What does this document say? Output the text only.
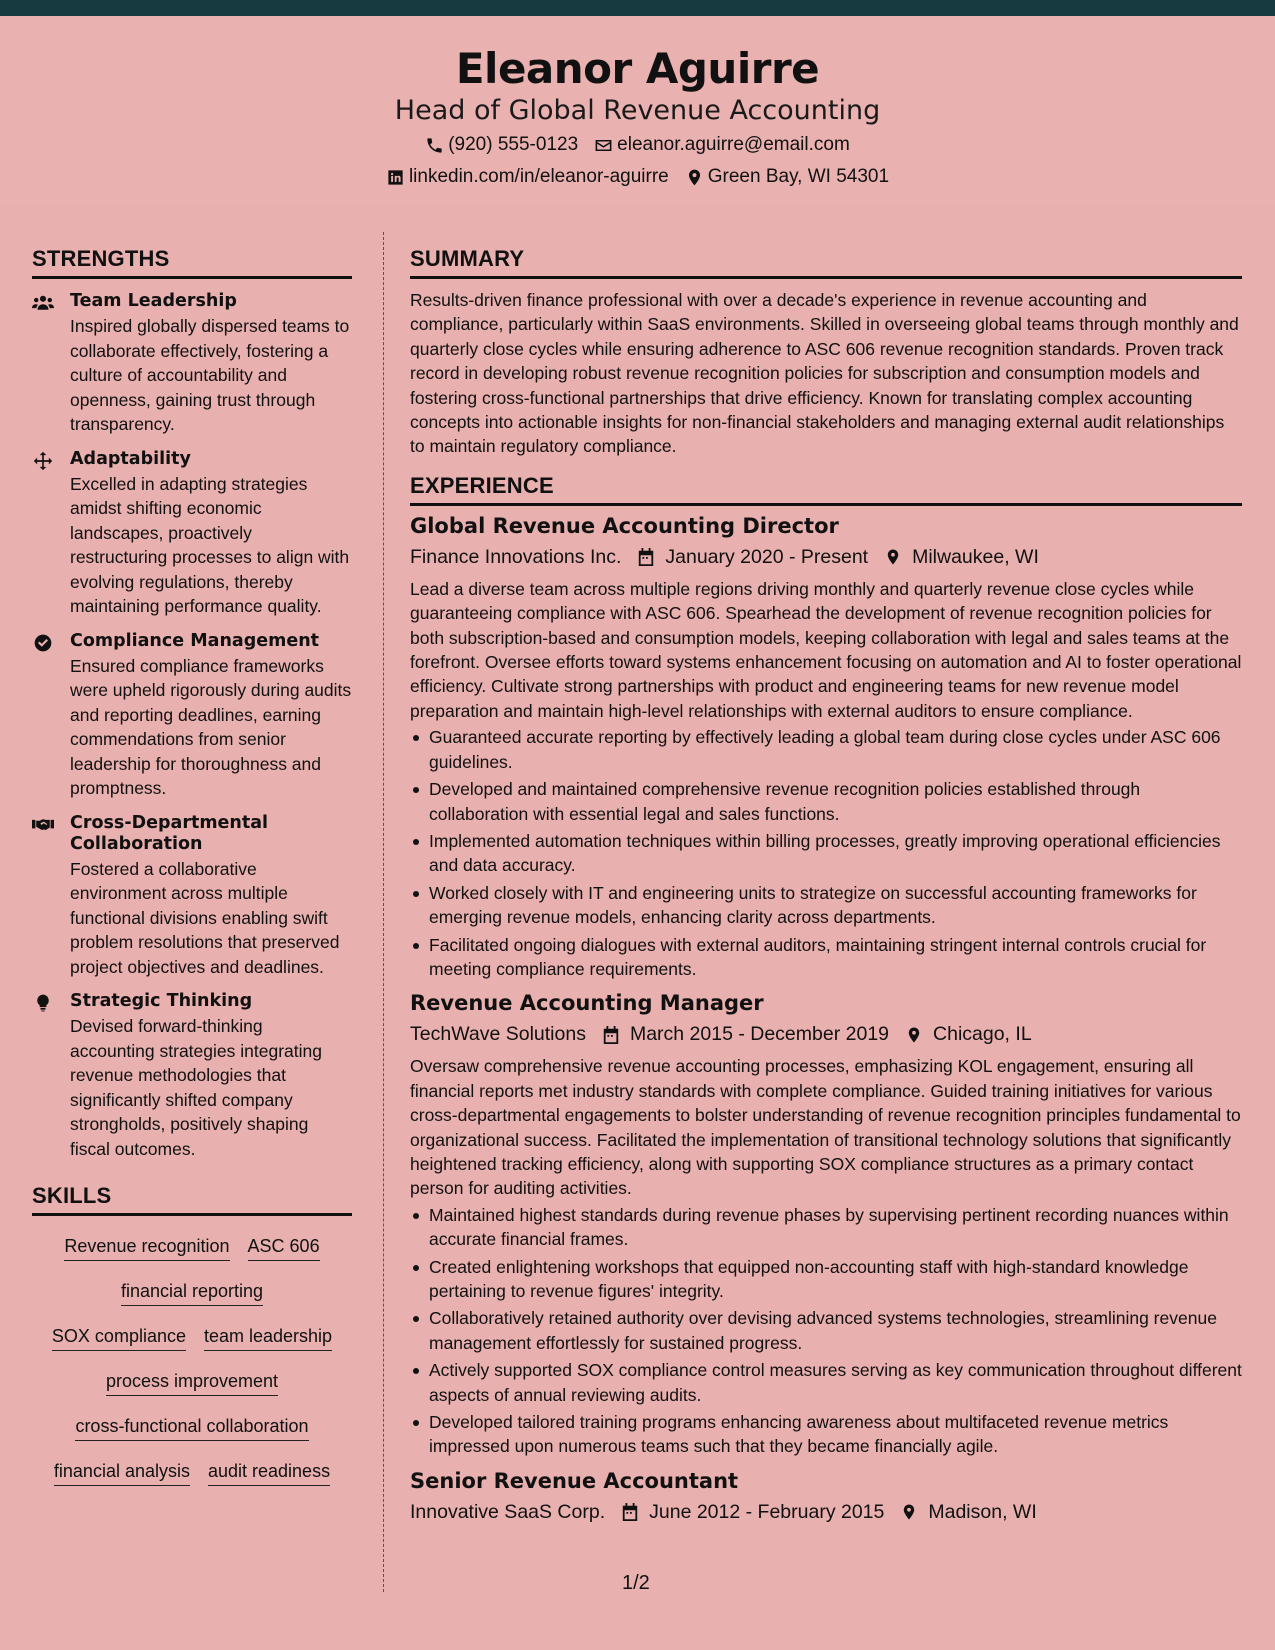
Eleanor Aguirre
Head of Global Revenue Accounting
(920) 555-0123 eleanor.aguirre@email.com
linkedin.com/in/eleanor-aguirre Green Bay, WI 54301
STRENGTHS
Team Leadership
Inspired globally dispersed teams to collaborate effectively, fostering a culture of accountability and openness, gaining trust through transparency.
Adaptability
Excelled in adapting strategies amidst shifting economic landscapes, proactively restructuring processes to align with evolving regulations, thereby maintaining performance quality.
Compliance Management
Ensured compliance frameworks were upheld rigorously during audits and reporting deadlines, earning commendations from senior leadership for thoroughness and promptness.
Cross-Departmental Collaboration
Fostered a collaborative environment across multiple functional divisions enabling swift problem resolutions that preserved project objectives and deadlines.
Strategic Thinking
Devised forward-thinking accounting strategies integrating revenue methodologies that significantly shifted company strongholds, positively shaping fiscal outcomes.
SKILLS
Revenue recognition ASC 606
financial reporting
SOX compliance team leadership
process improvement
cross-functional collaboration
financial analysis audit readiness
SUMMARY

Results-driven finance professional with over a decade's experience in revenue accounting and compliance, particularly within SaaS environments. Skilled in overseeing global teams through monthly and quarterly close cycles while ensuring adherence to ASC 606 revenue recognition standards. Proven track record in developing robust revenue recognition policies for subscription and consumption models and fostering cross-functional partnerships that drive efficiency. Known for translating complex accounting concepts into actionable insights for non-financial stakeholders and managing external audit relationships to maintain regulatory compliance.

EXPERIENCE
Global Revenue Accounting Director
Finance Innovations Inc. January 2020 - Present Milwaukee, WI

Lead a diverse team across multiple regions driving monthly and quarterly revenue close cycles while guaranteeing compliance with ASC 606. Spearhead the development of revenue recognition policies for both subscription-based and consumption models, keeping collaboration with legal and sales teams at the forefront. Oversee efforts toward systems enhancement focusing on automation and AI to foster operational efficiency. Cultivate strong partnerships with product and engineering teams for new revenue model preparation and maintain high-level relationships with external auditors to ensure compliance.

Guaranteed accurate reporting by effectively leading a global team during close cycles under ASC 606 guidelines.
Developed and maintained comprehensive revenue recognition policies established through collaboration with essential legal and sales functions.
Implemented automation techniques within billing processes, greatly improving operational efficiencies and data accuracy.
Worked closely with IT and engineering units to strategize on successful accounting frameworks for emerging revenue models, enhancing clarity across departments.
Facilitated ongoing dialogues with external auditors, maintaining stringent internal controls crucial for meeting compliance requirements.
Revenue Accounting Manager
TechWave Solutions March 2015 - December 2019 Chicago, IL

Oversaw comprehensive revenue accounting processes, emphasizing KOL engagement, ensuring all financial reports met industry standards with complete compliance. Guided training initiatives for various cross-departmental engagements to bolster understanding of revenue recognition principles fundamental to organizational success. Facilitated the implementation of transitional technology solutions that significantly heightened tracking efficiency, along with supporting SOX compliance structures as a primary contact person for auditing activities.

Maintained highest standards during revenue phases by supervising pertinent recording nuances within accurate financial frames.
Created enlightening workshops that equipped non-accounting staff with high-standard knowledge pertaining to revenue figures' integrity.
Collaboratively retained authority over devising advanced systems technologies, streamlining revenue management effortlessly for sustained progress.
Actively supported SOX compliance control measures serving as key communication throughout different aspects of annual reviewing audits.
Developed tailored training programs enhancing awareness about multifaceted revenue metrics impressed upon numerous teams such that they became financially agile.
Senior Revenue Accountant
Innovative SaaS Corp. June 2012 - February 2015 Madison, WI
1/2
